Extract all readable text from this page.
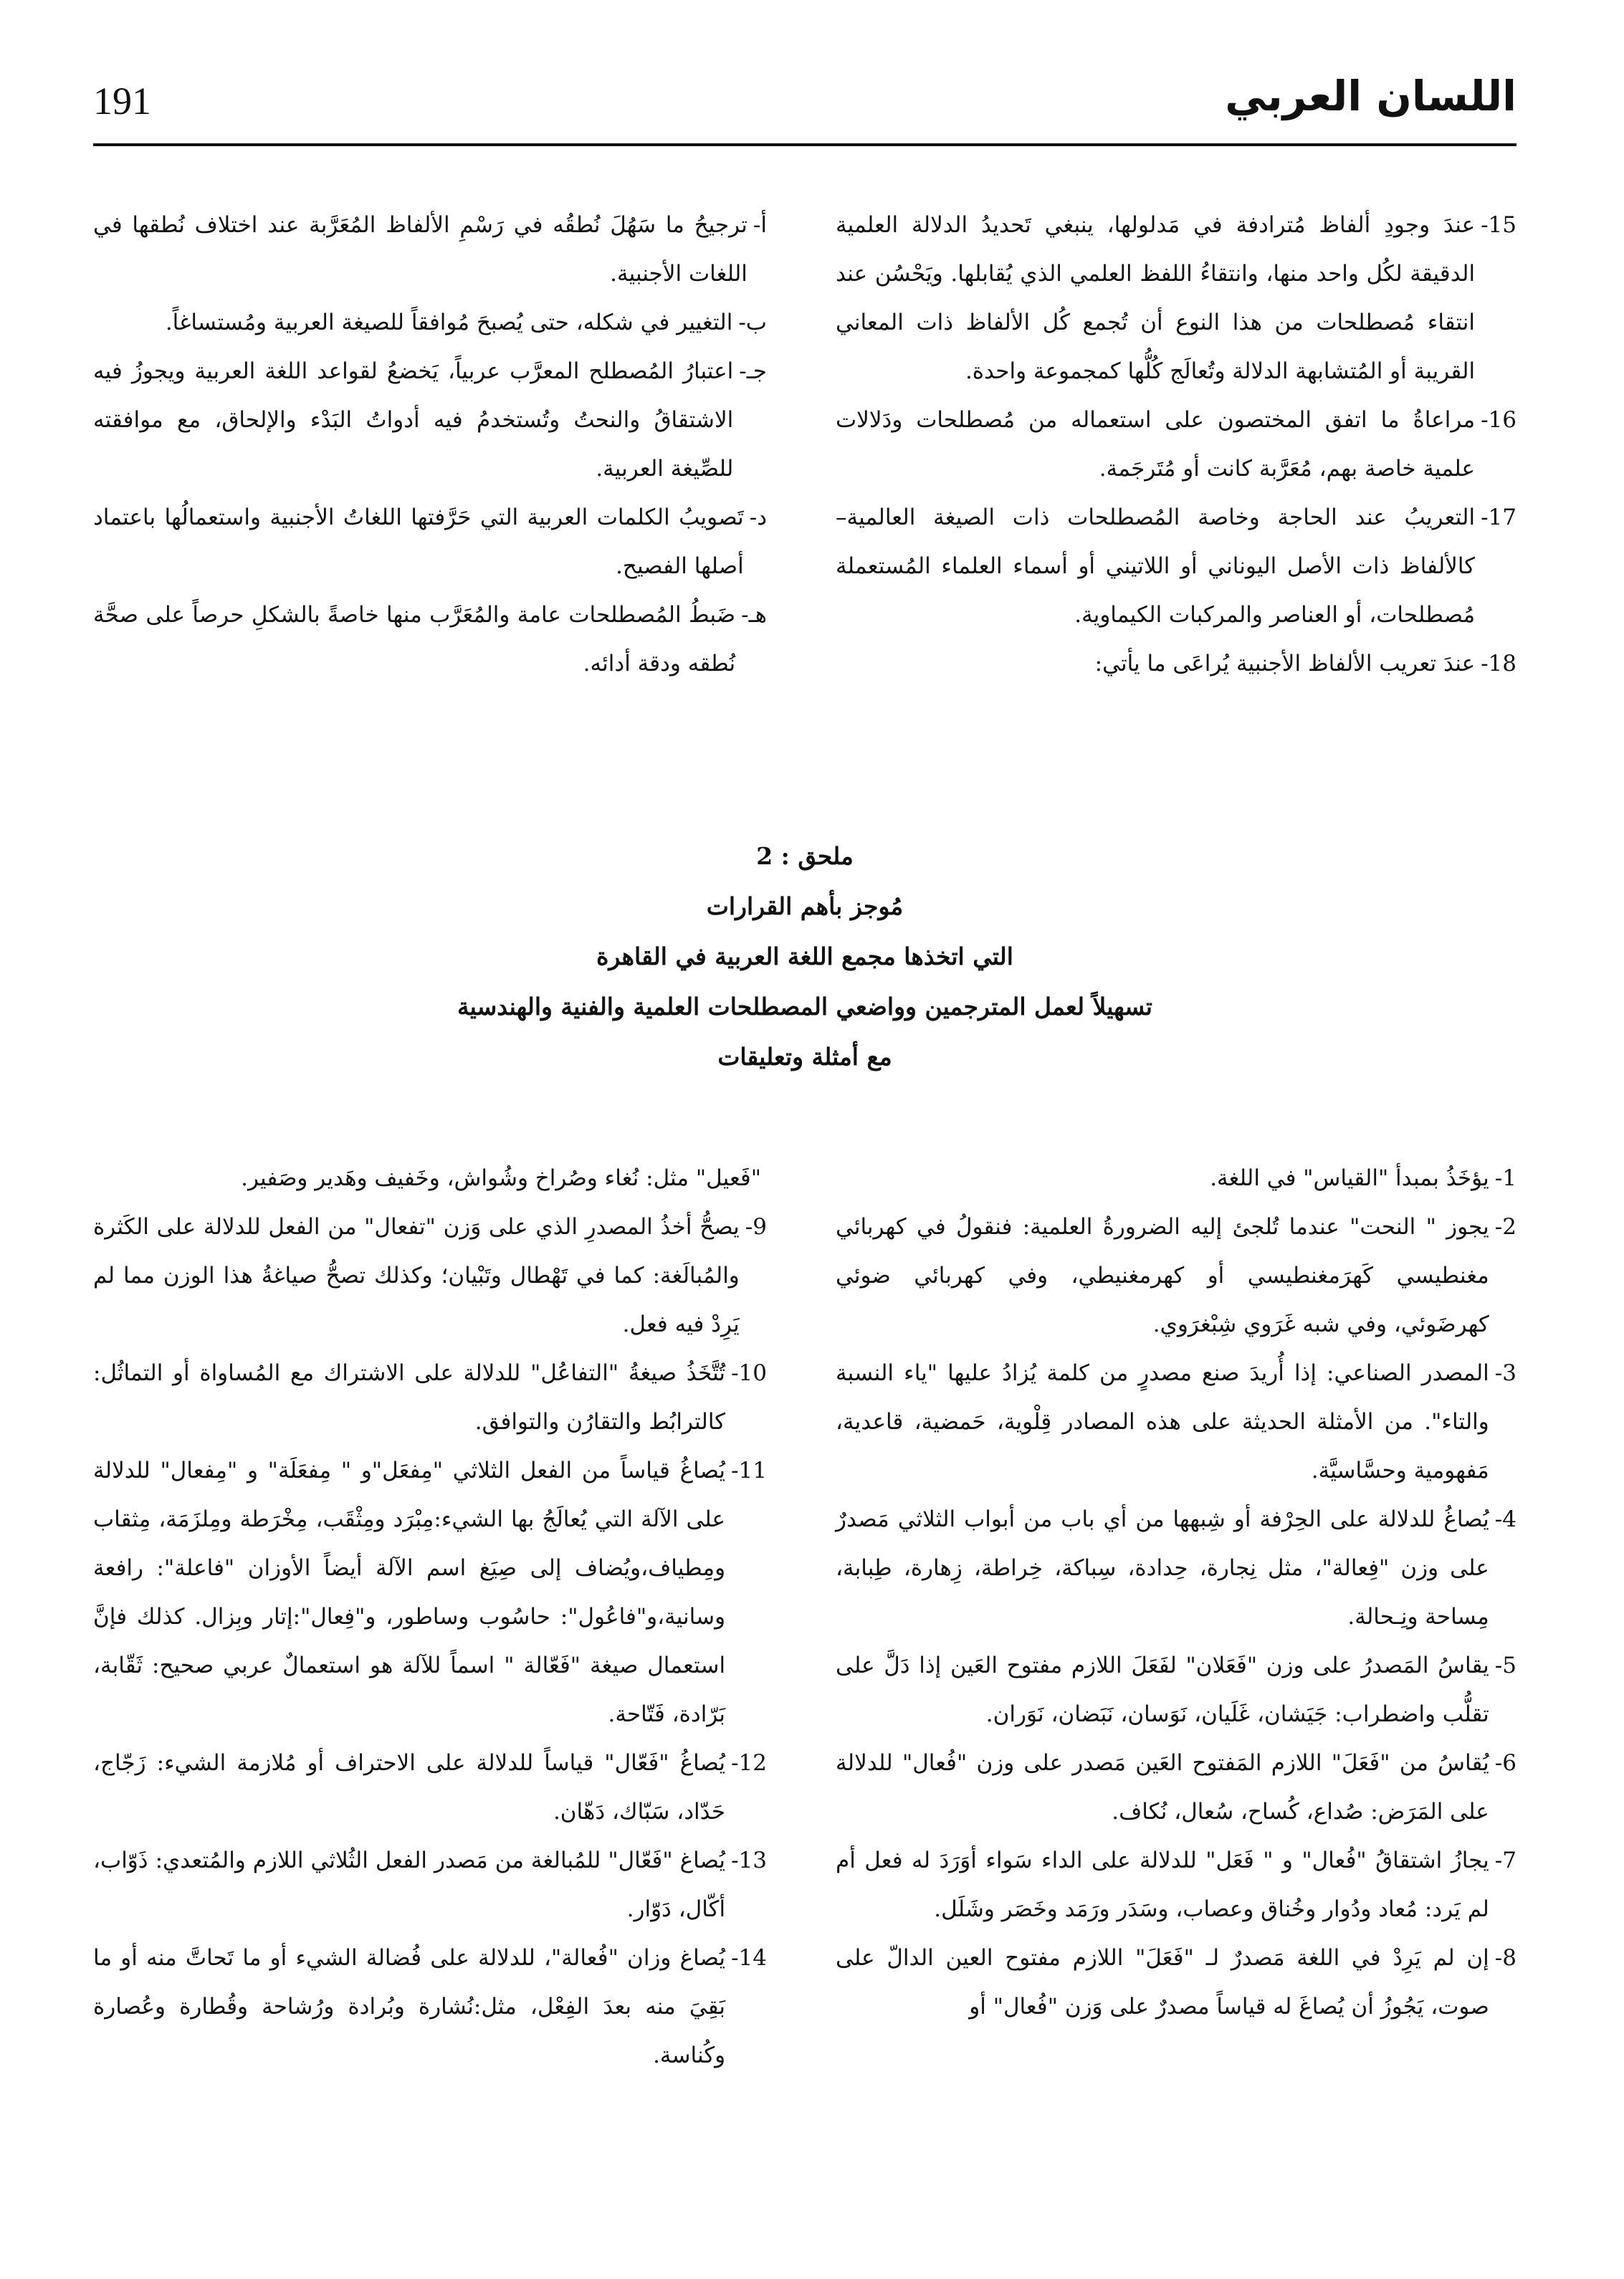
191	اللسان العربي
15-
عندَ وجودِ ألفاظ مُترادفة في مَدلولها، ينبغي تَحديدُ الدلالة العلمية الدقيقة لكُل واحد منها، وانتقاءُ اللفظ العلمي الذي يُقابلها. ويَحْسُن عند انتقاء مُصطلحات من هذا النوع أن تُجمع كُل الألفاظ ذات المعاني القريبة أو المُتشابهة الدلالة وتُعالَج كُلُّها كمجموعة واحدة.
16-
مراعاةُ ما اتفق المختصون على استعماله من مُصطلحات ودَلالات علمية خاصة بهم، مُعَرَّبة كانت أو مُتَرجَمة.
17-
التعريبُ عند الحاجة وخاصة المُصطلحات ذات الصيغة العالمية– كالألفاظ ذات الأصل اليوناني أو اللاتيني أو أسماء العلماء المُستعملة مُصطلحات، أو العناصر والمركبات الكيماوية.
18-
عندَ تعريب الألفاظ الأجنبية يُراعَى ما يأتي:
أ-
ترجيحُ ما سَهُلَ نُطقُه في رَسْمِ الألفاظ المُعَرَّبة عند اختلاف نُطقها في اللغات الأجنبية.
ب-
التغيير في شكله، حتى يُصبحَ مُوافقاً للصيغة العربية ومُستساغاً.
جـ-
اعتبارُ المُصطلح المعرَّب عربياً، يَخضعُ لقواعد اللغة العربية ويجوزُ فيه الاشتقاقُ والنحتُ وتُستخدمُ فيه أدواتُ البَدْء والإلحاق، مع موافقته للصِّيغة العربية.
د-
تَصويبُ الكلمات العربية التي حَرَّفتها اللغاتُ الأجنبية واستعمالُها باعتماد أصلها الفصيح.
هـ-
ضَبطُ المُصطلحات عامة والمُعَرَّب منها خاصةً بالشكلِ حرصاً على صحَّة نُطقه ودقة أدائه.
ملحق : 2
مُوجز بأهم القرارات
التي اتخذها مجمع اللغة العربية في القاهرة
تسهيلاً لعمل المترجمين وواضعي المصطلحات العلمية والفنية والهندسية
مع أمثلة وتعليقات
1-
يؤخَذُ بمبدأ "القياس" في اللغة.
2-
يجوز " النحت" عندما تُلجئ إليه الضرورةُ العلمية: فنقولُ في كهربائي مغنطيسي كَهرَمغنطيسي أو كهرمغنيطي، وفي كهربائي ضوئي كهرضَوئي، وفي شبه غَرَوي شِبْغرَوي.
3-
المصدر الصناعي: إذا أُريدَ صنع مصدرٍ من كلمة يُزادُ عليها "ياء النسبة والتاء". من الأمثلة الحديثة على هذه المصادر قِلْوية، حَمضية، قاعدية، مَفهومية وحسَّاسيَّة.
4-
يُصاغُ للدلالة على الحِرْفة أو شِبهها من أي باب من أبواب الثلاثي مَصدرٌ على وزن "فِعالة"، مثل نِجارة، حِدادة، سِباكة، خِراطة، زِهارة، طِبابة، مِساحة ونِـحالة.
5-
يقاسُ المَصدرُ على وزن "فَعَلان" لفَعَلَ اللازم مفتوح العَين إذا دَلَّ على تقلُّب واضطراب: جَيَشان، غَلَيان، نَوَسان، نَبَضان، نَوَران.
6-
يُقاسُ من "فَعَلَ" اللازم المَفتوح العَين مَصدر على وزن "فُعال" للدلالة على المَرَض: صُداع، كُساح، سُعال، نُكاف.
7-
يجازُ اشتقاقُ "فُعال" و " فَعَل" للدلالة على الداء سَواء أوَرَدَ له فعل أم لم يَرد: مُعاد ودُوار وخُناق وعصاب، وسَدَر ورَمَد وخَصَر وشَلَل.
8-
إن لم يَرِدْ في اللغة مَصدرٌ لـ "فَعَلَ" اللازم مفتوح العين الدالّ على صوت، يَجُوزُ أن يُصاغَ له قياساً مصدرٌ على وَزن "فُعال" أو
"فَعيل" مثل: نُغاء وصُراخ وشُواش، وخَفيف وهَدير وصَفير.
9-
يصحُّ أخذُ المصدرِ الذي على وَزن "تفعال" من الفعل للدلالة على الكَثرة والمُبالَغة: كما في تَهْطال وتَبْيان؛ وكذلك تصحُّ صياغةُ هذا الوزن مما لم يَرِدْ فيه فعل.
10-
تُتَّخَذُ صيغةُ "التفاعُل" للدلالة على الاشتراك مع المُساواة أو التماثُل: كالترابُط والتقارُن والتوافق.
11-
يُصاغُ قياساً من الفعل الثلاثي "مِفعَل"و " مِفعَلَة" و "مِفعال" للدلالة على الآلة التي يُعالَجُ بها الشيء:مِبْرَد ومِثْقَب، مِخْرَطة ومِلزَمَة، مِثقاب ومِطياف،ويُضاف إلى صِيَغ اسم الآلة أيضاً الأوزان "فاعلة": رافعة وسانية،و"فاعُول": حاسُوب وساطور، و"فِعال":إتار وبِزال. كذلك فإنَّ استعمال صيغة "فَعّالة " اسماً للآلة هو استعمالٌ عربي صحيح: ثَقّابة، بَرّادة، فَتّاحة.
12-
يُصاغُ "فَعّال" قياساً للدلالة على الاحتراف أو مُلازمة الشيء: زَجّاج، حَدّاد، سَبّاك، دَهّان.
13-
يُصاغ "فَعّال" للمُبالغة من مَصدر الفعل الثُلاثي اللازم والمُتعدي: ذَوّاب، أكّال، دَوّار.
14-
يُصاغ وزان "فُعالة"، للدلالة على فُضالة الشيء أو ما تَحاتَّ منه أو ما بَقِيَ منه بعدَ الفِعْل، مثل:نُشارة وبُرادة ورُشاحة وقُطارة وعُصارة وكُناسة.
